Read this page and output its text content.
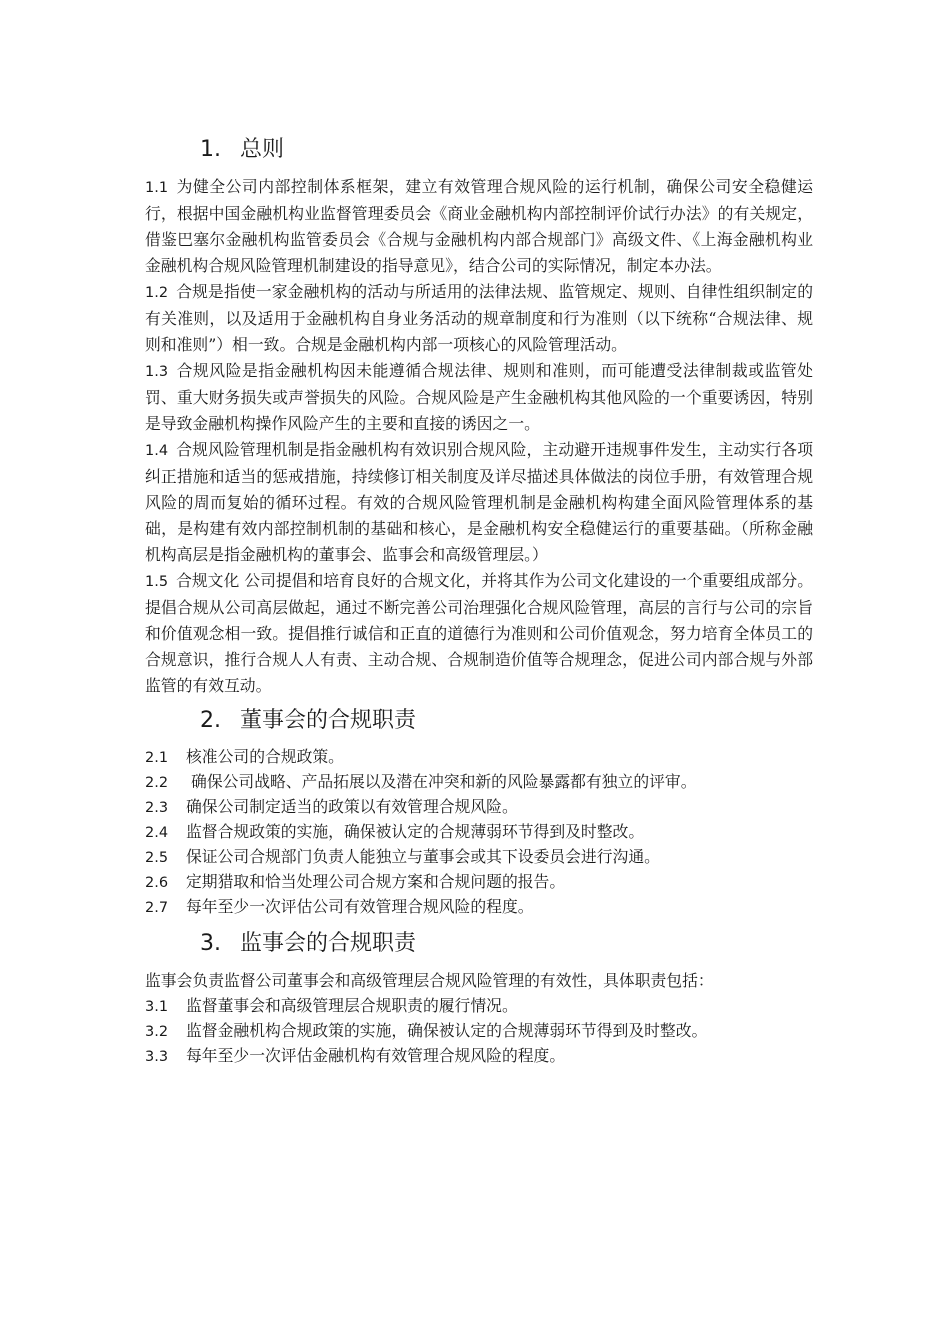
1. 总则

1.1 为健全公司内部控制体系框架，建立有效管理合规风险的运行机制，确保公司安全稳健运行，根据中国金融机构业监督管理委员会《商业金融机构内部控制评价试行办法》的有关规定，借鉴巴塞尔金融机构监管委员会《合规与金融机构内部合规部门》高级文件、《上海金融机构业金融机构合规风险管理机制建设的指导意见》，结合公司的实际情况，制定本办法。

1.2 合规是指使一家金融机构的活动与所适用的法律法规、监管规定、规则、自律性组织制定的有关准则，以及适用于金融机构自身业务活动的规章制度和行为准则（以下统称“合规法律、规则和准则”）相一致。合规是金融机构内部一项核心的风险管理活动。

1.3 合规风险是指金融机构因未能遵循合规法律、规则和准则，而可能遭受法律制裁或监管处罚、重大财务损失或声誉损失的风险。合规风险是产生金融机构其他风险的一个重要诱因，特别是导致金融机构操作风险产生的主要和直接的诱因之一。

1.4 合规风险管理机制是指金融机构有效识别合规风险，主动避开违规事件发生，主动实行各项纠正措施和适当的惩戒措施，持续修订相关制度及详尽描述具体做法的岗位手册，有效管理合规风险的周而复始的循环过程。有效的合规风险管理机制是金融机构构建全面风险管理体系的基础，是构建有效内部控制机制的基础和核心，是金融机构安全稳健运行的重要基础。（所称金融机构高层是指金融机构的董事会、监事会和高级管理层。）

1.5 合规文化 公司提倡和培育良好的合规文化，并将其作为公司文化建设的一个重要组成部分。提倡合规从公司高层做起，通过不断完善公司治理强化合规风险管理，高层的言行与公司的宗旨和价值观念相一致。提倡推行诚信和正直的道德行为准则和公司价值观念，努力培育全体员工的合规意识，推行合规人人有责、主动合规、合规制造价值等合规理念，促进公司内部合规与外部监管的有效互动。

2. 董事会的合规职责

2.1 核准公司的合规政策。

2.2 确保公司战略、产品拓展以及潜在冲突和新的风险暴露都有独立的评审。

2.3 确保公司制定适当的政策以有效管理合规风险。

2.4 监督合规政策的实施，确保被认定的合规薄弱环节得到及时整改。

2.5 保证公司合规部门负责人能独立与董事会或其下设委员会进行沟通。

2.6 定期猎取和恰当处理公司合规方案和合规问题的报告。

2.7 每年至少一次评估公司有效管理合规风险的程度。

3. 监事会的合规职责

监事会负责监督公司董事会和高级管理层合规风险管理的有效性，具体职责包括：

3.1 监督董事会和高级管理层合规职责的履行情况。

3.2 监督金融机构合规政策的实施，确保被认定的合规薄弱环节得到及时整改。

3.3 每年至少一次评估金融机构有效管理合规风险的程度。
